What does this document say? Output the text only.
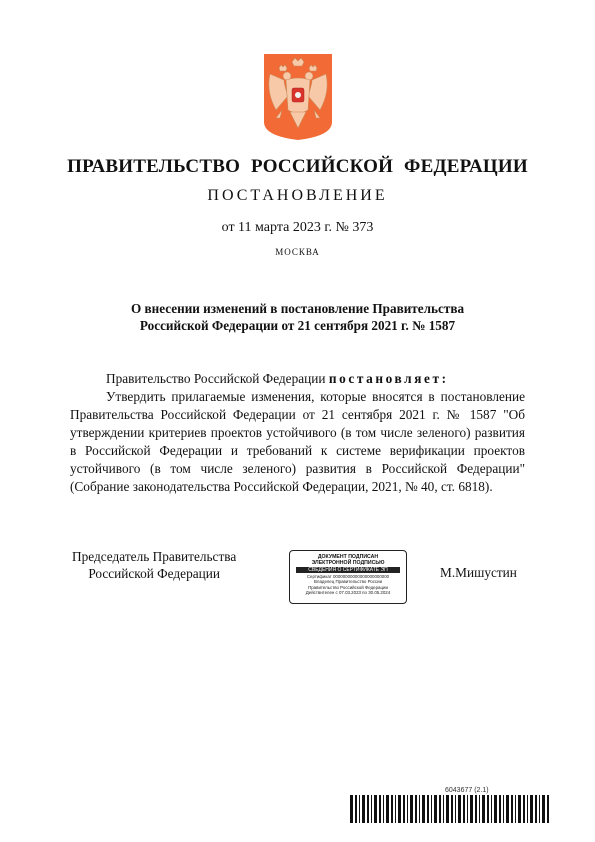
ПРАВИТЕЛЬСТВО РОССИЙСКОЙ ФЕДЕРАЦИИ
ПОСТАНОВЛЕНИЕ
от 11 марта 2023 г. № 373
МОСКВА
О внесении изменений в постановление Правительства
Российской Федерации от 21 сентября 2021 г. № 1587

Правительство Российской Федерации постановляет:

Утвердить прилагаемые изменения, которые вносятся в постановление Правительства Российской Федерации от 21 сентября 2021 г. № 1587 "Об утверждении критериев проектов устойчивого (в том числе зеленого) развития в Российской Федерации и требований к системе верификации проектов устойчивого (в том числе зеленого) развития в Российской Федерации" (Собрание законодательства Российской Федерации, 2021, № 40, ст. 6818).

Председатель Правительства
Российской Федерации
ДОКУМЕНТ ПОДПИСАН
ЭЛЕКТРОННОЙ ПОДПИСЬЮ
СВЕДЕНИЯ О СЕРТИФИКАТЕ ЭП
Сертификат 00000000000000000000000
Владелец Правительство России
Правительство Российской Федерации
Действителен с 07.03.2023 по 30.05.2024
М.Мишустин
6043677 (2.1)
